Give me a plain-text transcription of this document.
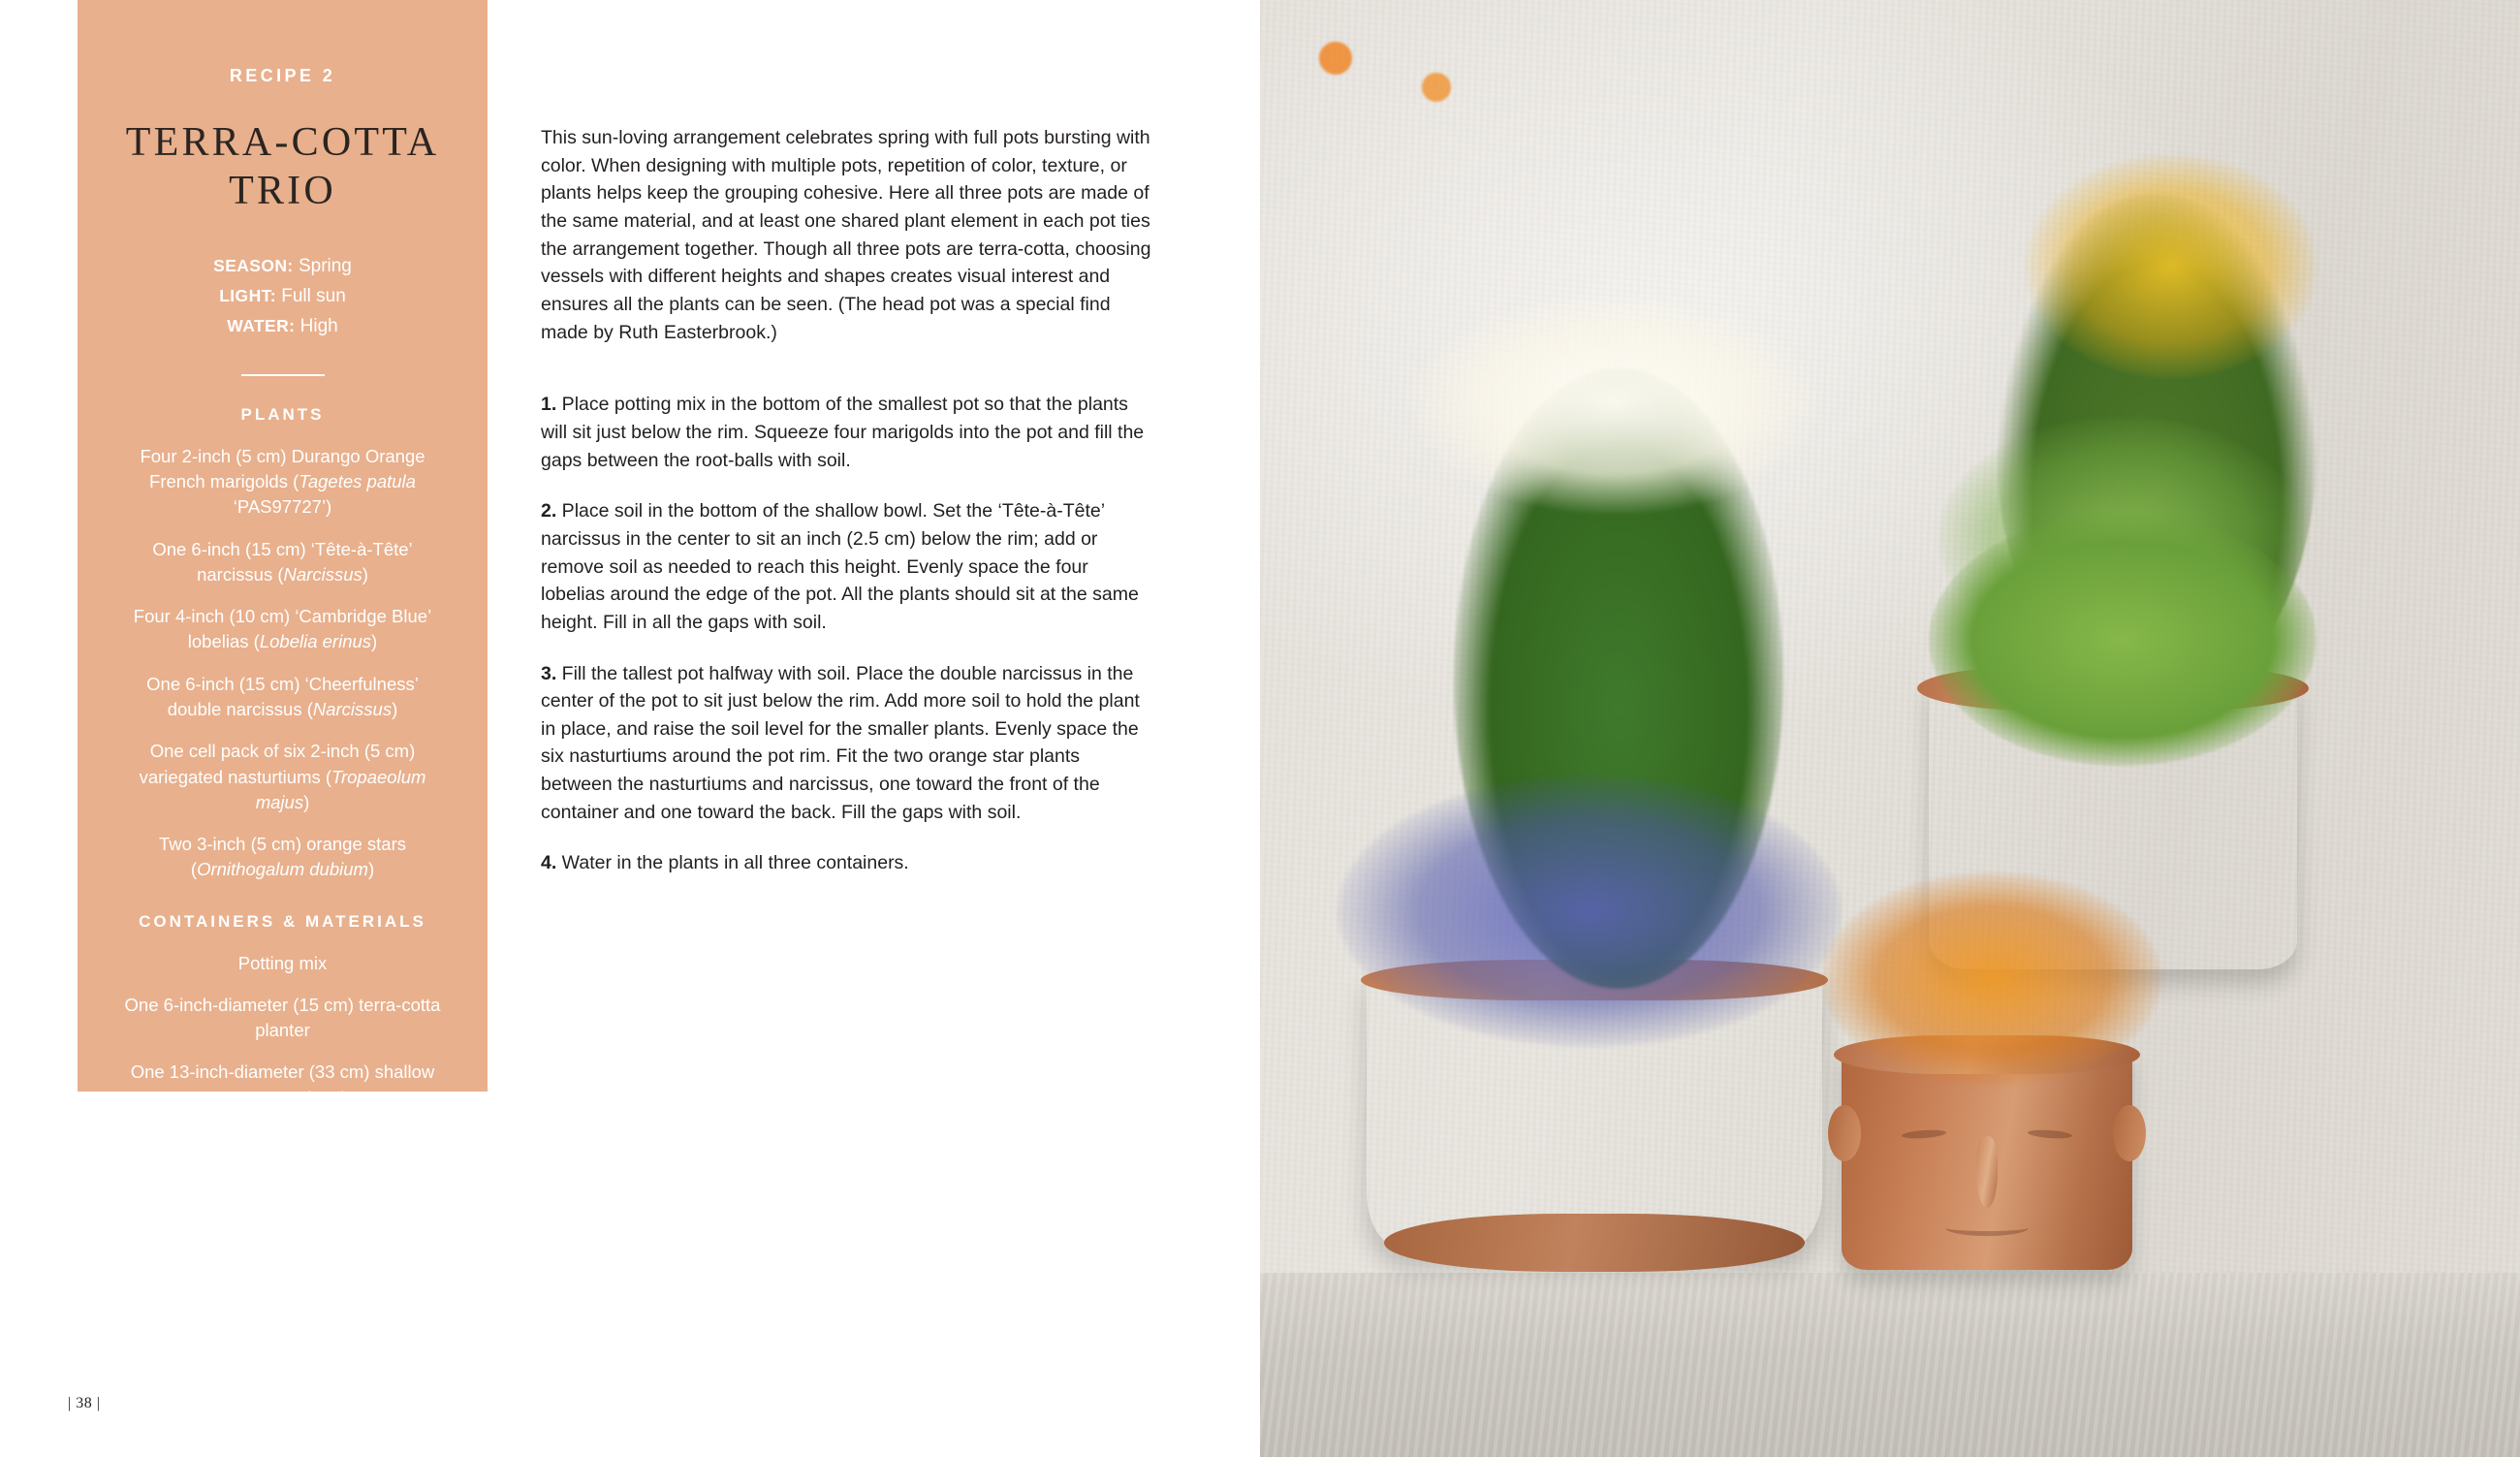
RECIPE 2
TERRA-COTTA
TRIO
SEASON: Spring
LIGHT: Full sun
WATER: High
PLANTS
Four 2-inch (5 cm) Durango Orange French marigolds (Tagetes patula ‘PAS97727’)
One 6-inch (15 cm) ‘Tête-à-Tête’ narcissus (Narcissus)
Four 4-inch (10 cm) ‘Cambridge Blue’ lobelias (Lobelia erinus)
One 6-inch (15 cm) ‘Cheerfulness’ double narcissus (Narcissus)
One cell pack of six 2-inch (5 cm) variegated nasturtiums (Tropaeolum majus)
Two 3-inch (5 cm) orange stars (Ornithogalum dubium)
CONTAINERS & MATERIALS
Potting mix
One 6-inch-diameter (15 cm) terra-cotta planter
One 13-inch-diameter (33 cm) shallow terra-cotta bowl
One 10-inch-diameter (25 cm) terra-cotta planter

This sun-loving arrangement celebrates spring with full pots bursting with color. When designing with multiple pots, repetition of color, texture, or plants helps keep the grouping cohesive. Here all three pots are made of the same material, and at least one shared plant element in each pot ties the arrangement together. Though all three pots are terra-cotta, choosing vessels with different heights and shapes creates visual interest and ensures all the plants can be seen. (The head pot was a special find made by Ruth Easterbrook.)

1. Place potting mix in the bottom of the smallest pot so that the plants will sit just below the rim. Squeeze four marigolds into the pot and fill the gaps between the root-balls with soil.

2. Place soil in the bottom of the shallow bowl. Set the ‘Tête-à-Tête’ narcissus in the center to sit an inch (2.5 cm) below the rim; add or remove soil as needed to reach this height. Evenly space the four lobelias around the edge of the pot. All the plants should sit at the same height. Fill in all the gaps with soil.

3. Fill the tallest pot halfway with soil. Place the double narcissus in the center of the pot to sit just below the rim. Add more soil to hold the plant in place, and raise the soil level for the smaller plants. Evenly space the six nasturtiums around the pot rim. Fit the two orange star plants between the nasturtiums and narcissus, one toward the front of the container and one toward the back. Fill the gaps with soil.

4. Water in the plants in all three containers.

| 38 |
